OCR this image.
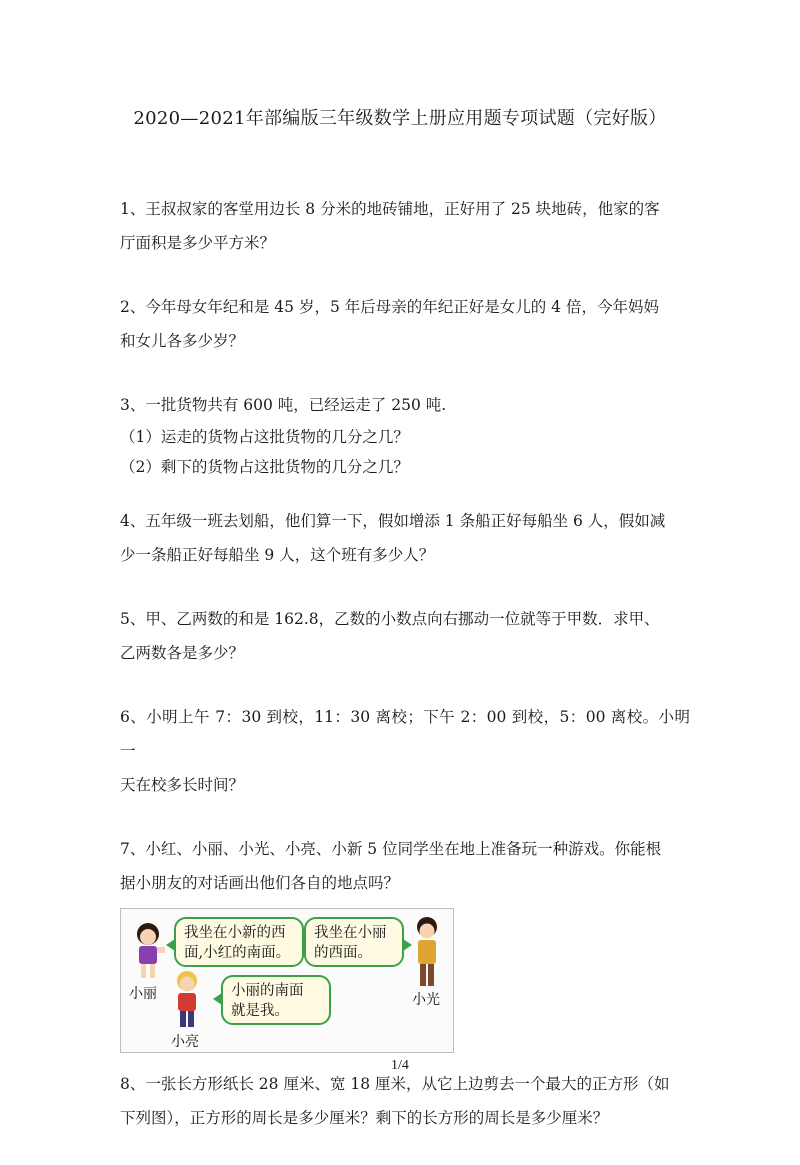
2020—2021年部编版三年级数学上册应用题专项试题（完好版）

1、王叔叔家的客堂用边长 8 分米的地砖铺地，正好用了 25 块地砖，他家的客

厅面积是多少平方米？

2、今年母女年纪和是 45 岁，5 年后母亲的年纪正好是女儿的 4 倍，今年妈妈

和女儿各多少岁？

3、一批货物共有 600 吨，已经运走了 250 吨.

（1）运走的货物占这批货物的几分之几？

（2）剩下的货物占这批货物的几分之几？

4、五年级一班去划船，他们算一下，假如增添 1 条船正好每船坐 6 人，假如减

少一条船正好每船坐 9 人，这个班有多少人？

5、甲、乙两数的和是 162.8，乙数的小数点向右挪动一位就等于甲数．求甲、

乙两数各是多少？

6、小明上午 7：30 到校，11：30 离校；下午 2：00 到校，5：00 离校。小明一

天在校多长时间？

7、小红、小丽、小光、小亮、小新 5 位同学坐在地上准备玩一种游戏。你能根

据小朋友的对话画出他们各自的地点吗？

小丽
我坐在小新的西
面,小红的南面。
我坐在小丽
的西面。
小光
小亮
小丽的南面
就是我。

8、一张长方形纸长 28 厘米、宽 18 厘米，从它上边剪去一个最大的正方形（如

下列图），正方形的周长是多少厘米？剩下的长方形的周长是多少厘米？

1/4
